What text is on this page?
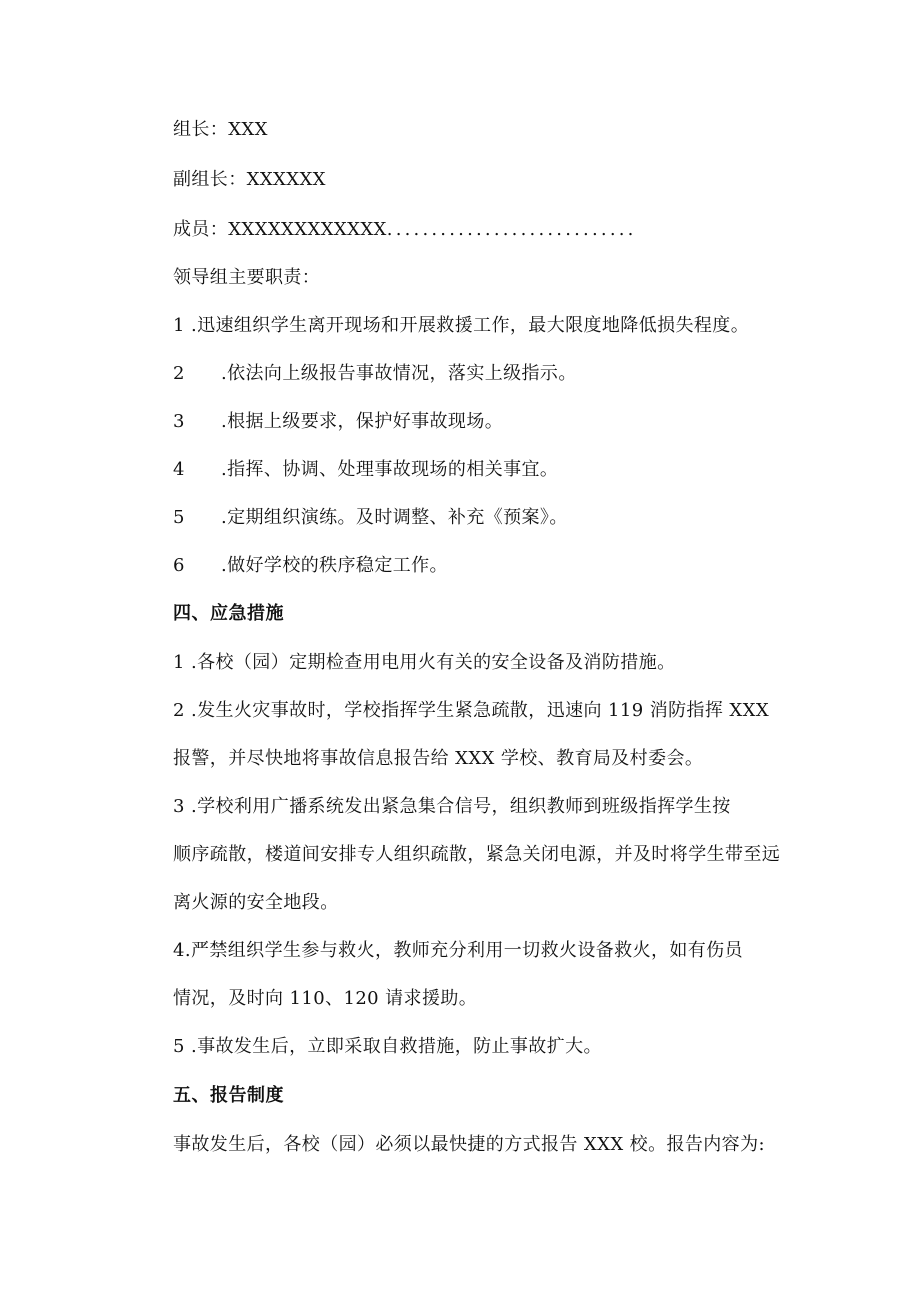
组长：XXX
副组长：XXXXXX
成员：XXXXXXXXXXXX............................
领导组主要职责：
1 .迅速组织学生离开现场和开展救援工作，最大限度地降低损失程度。
2 .依法向上级报告事故情况，落实上级指示。
3 .根据上级要求，保护好事故现场。
4 .指挥、协调、处理事故现场的相关事宜。
5 .定期组织演练。及时调整、补充《预案》。
6 .做好学校的秩序稳定工作。
四、应急措施
1 .各校（园）定期检查用电用火有关的安全设备及消防措施。
2 .发生火灾事故时，学校指挥学生紧急疏散，迅速向 119 消防指挥 XXX
报警，并尽快地将事故信息报告给 XXX 学校、教育局及村委会。
3 .学校利用广播系统发出紧急集合信号，组织教师到班级指挥学生按
顺序疏散，楼道间安排专人组织疏散，紧急关闭电源，并及时将学生带至远
离火源的安全地段。
4.严禁组织学生参与救火，教师充分利用一切救火设备救火，如有伤员
情况，及时向 110、120 请求援助。
5 .事故发生后，立即采取自救措施，防止事故扩大。
五、报告制度
事故发生后，各校（园）必须以最快捷的方式报告 XXX 校。报告内容为:
